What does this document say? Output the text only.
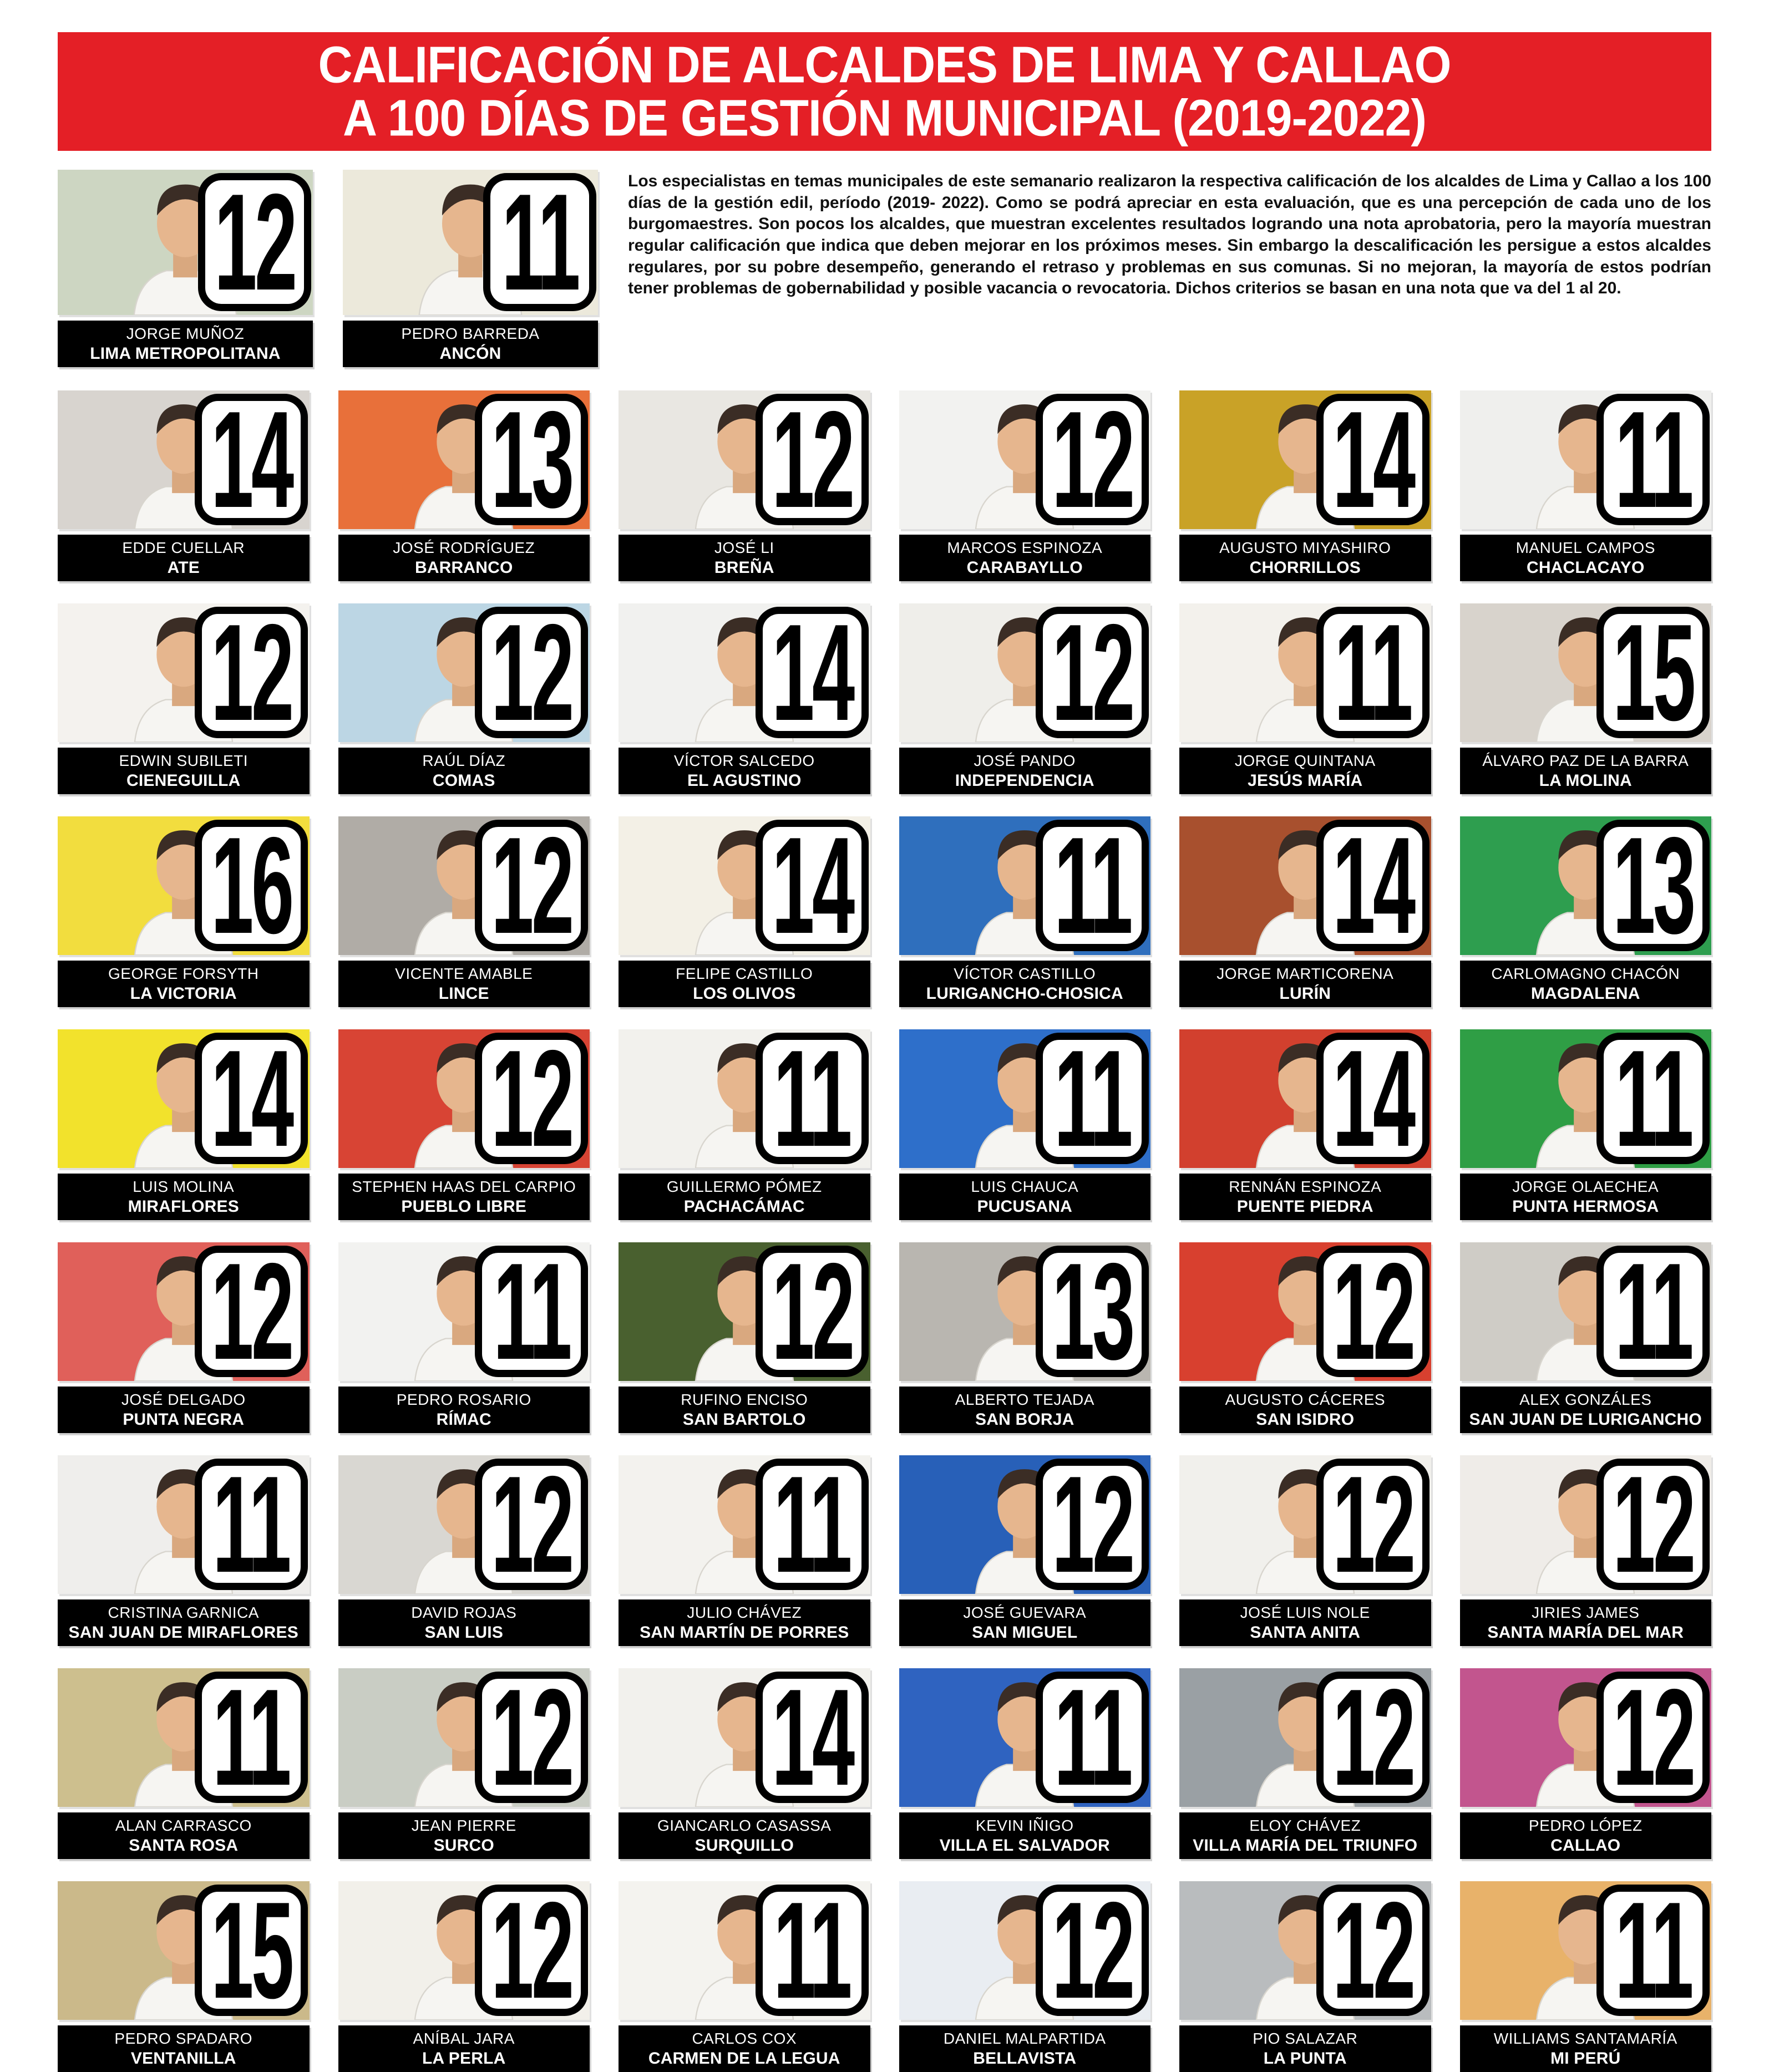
CALIFICACIÓN DE ALCALDES DE LIMA Y CALLAO
A 100 DÍAS DE GESTIÓN MUNICIPAL (2019-2022)
12
JORGE MUÑOZ
LIMA METROPOLITANA
11
PEDRO BARREDA
ANCÓN
Los especialistas en temas municipales de este semanario realizaron la respectiva calificación de los alcaldes de Lima y Callao a los 100 días de la gestión edil, período (2019- 2022). Como se podrá apreciar en esta evaluación, que es una percepción de cada uno de los burgomaestres. Son pocos los alcaldes, que muestran excelentes resultados logrando una nota aprobatoria, pero la mayoría muestran regular calificación que indica que deben mejorar en los próximos meses. Sin embargo la descalificación les persigue a estos alcaldes regulares, por su pobre desempeño, generando el retraso y problemas en sus comunas. Si no mejoran, la mayoría de estos podrían tener problemas de gobernabilidad y posible vacancia o revocatoria. Dichos criterios se basan en una nota que va del 1 al 20.
14
EDDE CUELLAR
ATE
13
JOSÉ RODRÍGUEZ
BARRANCO
12
JOSÉ LI
BREÑA
12
MARCOS ESPINOZA
CARABAYLLO
14
AUGUSTO MIYASHIRO
CHORRILLOS
11
MANUEL CAMPOS
CHACLACAYO
12
EDWIN SUBILETI
CIENEGUILLA
12
RAÚL DÍAZ
COMAS
14
VÍCTOR SALCEDO
EL AGUSTINO
12
JOSÉ PANDO
INDEPENDENCIA
11
JORGE QUINTANA
JESÚS MARÍA
15
ÁLVARO PAZ DE LA BARRA
LA MOLINA
16
GEORGE FORSYTH
LA VICTORIA
12
VICENTE AMABLE
LINCE
14
FELIPE CASTILLO
LOS OLIVOS
11
VÍCTOR CASTILLO
LURIGANCHO-CHOSICA
14
JORGE MARTICORENA
LURÍN
13
CARLOMAGNO CHACÓN
MAGDALENA
14
LUIS MOLINA
MIRAFLORES
12
STEPHEN HAAS DEL CARPIO
PUEBLO LIBRE
11
GUILLERMO PÓMEZ
PACHACÁMAC
11
LUIS CHAUCA
PUCUSANA
14
RENNÁN ESPINOZA
PUENTE PIEDRA
11
JORGE OLAECHEA
PUNTA HERMOSA
12
JOSÉ DELGADO
PUNTA NEGRA
11
PEDRO ROSARIO
RÍMAC
12
RUFINO ENCISO
SAN BARTOLO
13
ALBERTO TEJADA
SAN BORJA
12
AUGUSTO CÁCERES
SAN ISIDRO
11
ALEX GONZÁLES
SAN JUAN DE LURIGANCHO
11
CRISTINA GARNICA
SAN JUAN DE MIRAFLORES
12
DAVID ROJAS
SAN LUIS
11
JULIO CHÁVEZ
SAN MARTÍN DE PORRES
12
JOSÉ GUEVARA
SAN MIGUEL
12
JOSÉ LUIS NOLE
SANTA ANITA
12
JIRIES JAMES
SANTA MARÍA DEL MAR
11
ALAN CARRASCO
SANTA ROSA
12
JEAN PIERRE
SURCO
14
GIANCARLO CASASSA
SURQUILLO
11
KEVIN IÑIGO
VILLA EL SALVADOR
12
ELOY CHÁVEZ
VILLA MARÍA DEL TRIUNFO
12
PEDRO LÓPEZ
CALLAO
15
PEDRO SPADARO
VENTANILLA
12
ANÍBAL JARA
LA PERLA
11
CARLOS COX
CARMEN DE LA LEGUA
12
DANIEL MALPARTIDA
BELLAVISTA
12
PIO SALAZAR
LA PUNTA
11
WILLIAMS SANTAMARÍA
MI PERÚ
